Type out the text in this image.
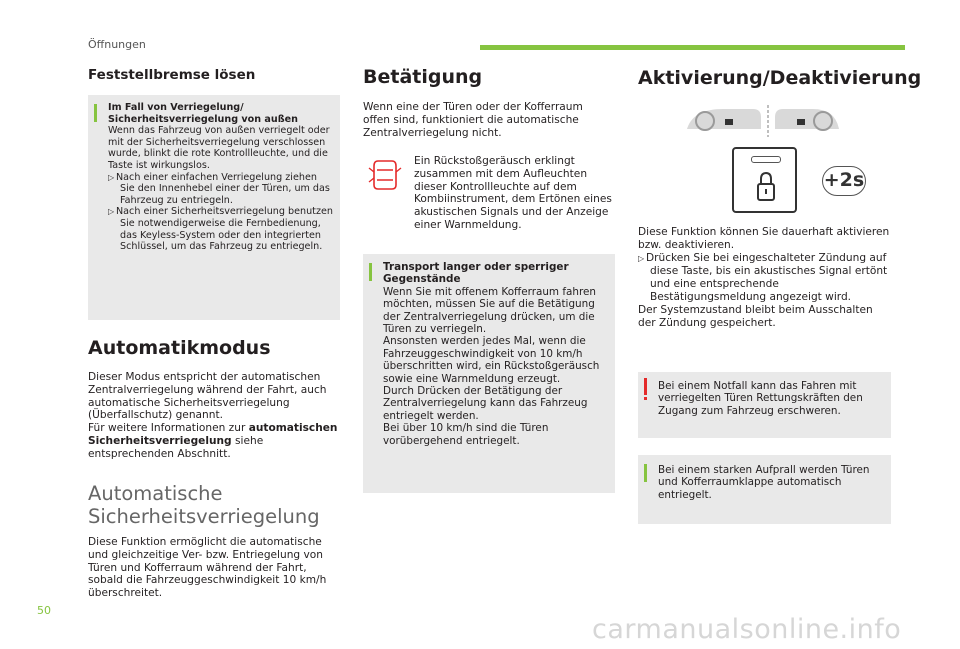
Öffnungen
50
carmanualsonline.info
Feststellbremse lösen

Im Fall von Verriegelung/ Sicherheitsverriegelung von außen

Wenn das Fahrzeug von außen verriegelt oder mit der Sicherheitsverriegelung verschlossen wurde, blinkt die rote Kontrollleuchte, und die Taste ist wirkungslos.

▷ Nach einer einfachen Verriegelung ziehen Sie den Innenhebel einer der Türen, um das Fahrzeug zu entriegeln.

▷ Nach einer Sicherheitsverriegelung benutzen Sie notwendigerweise die Fernbedienung, das Keyless-System oder den integrierten Schlüssel, um das Fahrzeug zu entriegeln.

Automatikmodus

Dieser Modus entspricht der automatischen Zentralverriegelung während der Fahrt, auch automatische Sicherheitsverriegelung (Überfallschutz) genannt.

Für weitere Informationen zur automatischen Sicherheitsverriegelung siehe entsprechenden Abschnitt.

Automatische
Sicherheitsverriegelung
Diese Funktion ermöglicht die automatische und gleichzeitige Ver- bzw. Entriegelung von Türen und Kofferraum während der Fahrt, sobald die Fahrzeuggeschwindigkeit 10 km/h überschreitet.
Betätigung
Wenn eine der Türen oder der Kofferraum offen sind, funktioniert die automatische Zentralverriegelung nicht.
Ein Rückstoßgeräusch erklingt zusammen mit dem Aufleuchten dieser Kontrollleuchte auf dem Kombiinstrument, dem Ertönen eines akustischen Signals und der Anzeige einer Warnmeldung.

Transport langer oder sperriger Gegenstände

Wenn Sie mit offenem Kofferraum fahren möchten, müssen Sie auf die Betätigung der Zentralverriegelung drücken, um die Türen zu verriegeln.

Ansonsten werden jedes Mal, wenn die Fahrzeuggeschwindigkeit von 10 km/h überschritten wird, ein Rückstoßgeräusch sowie eine Warnmeldung erzeugt.

Durch Drücken der Betätigung der Zentralverriegelung kann das Fahrzeug entriegelt werden.

Bei über 10 km/h sind die Türen vorübergehend entriegelt.

Aktivierung/Deaktivierung
+2s

Diese Funktion können Sie dauerhaft aktivieren bzw. deaktivieren.

▷ Drücken Sie bei eingeschalteter Zündung auf diese Taste, bis ein akustisches Signal ertönt und eine entsprechende Bestätigungsmeldung angezeigt wird.

Der Systemzustand bleibt beim Ausschalten der Zündung gespeichert.

Bei einem Notfall kann das Fahren mit verriegelten Türen Rettungskräften den Zugang zum Fahrzeug erschweren.
Bei einem starken Aufprall werden Türen und Kofferraumklappe automatisch entriegelt.
